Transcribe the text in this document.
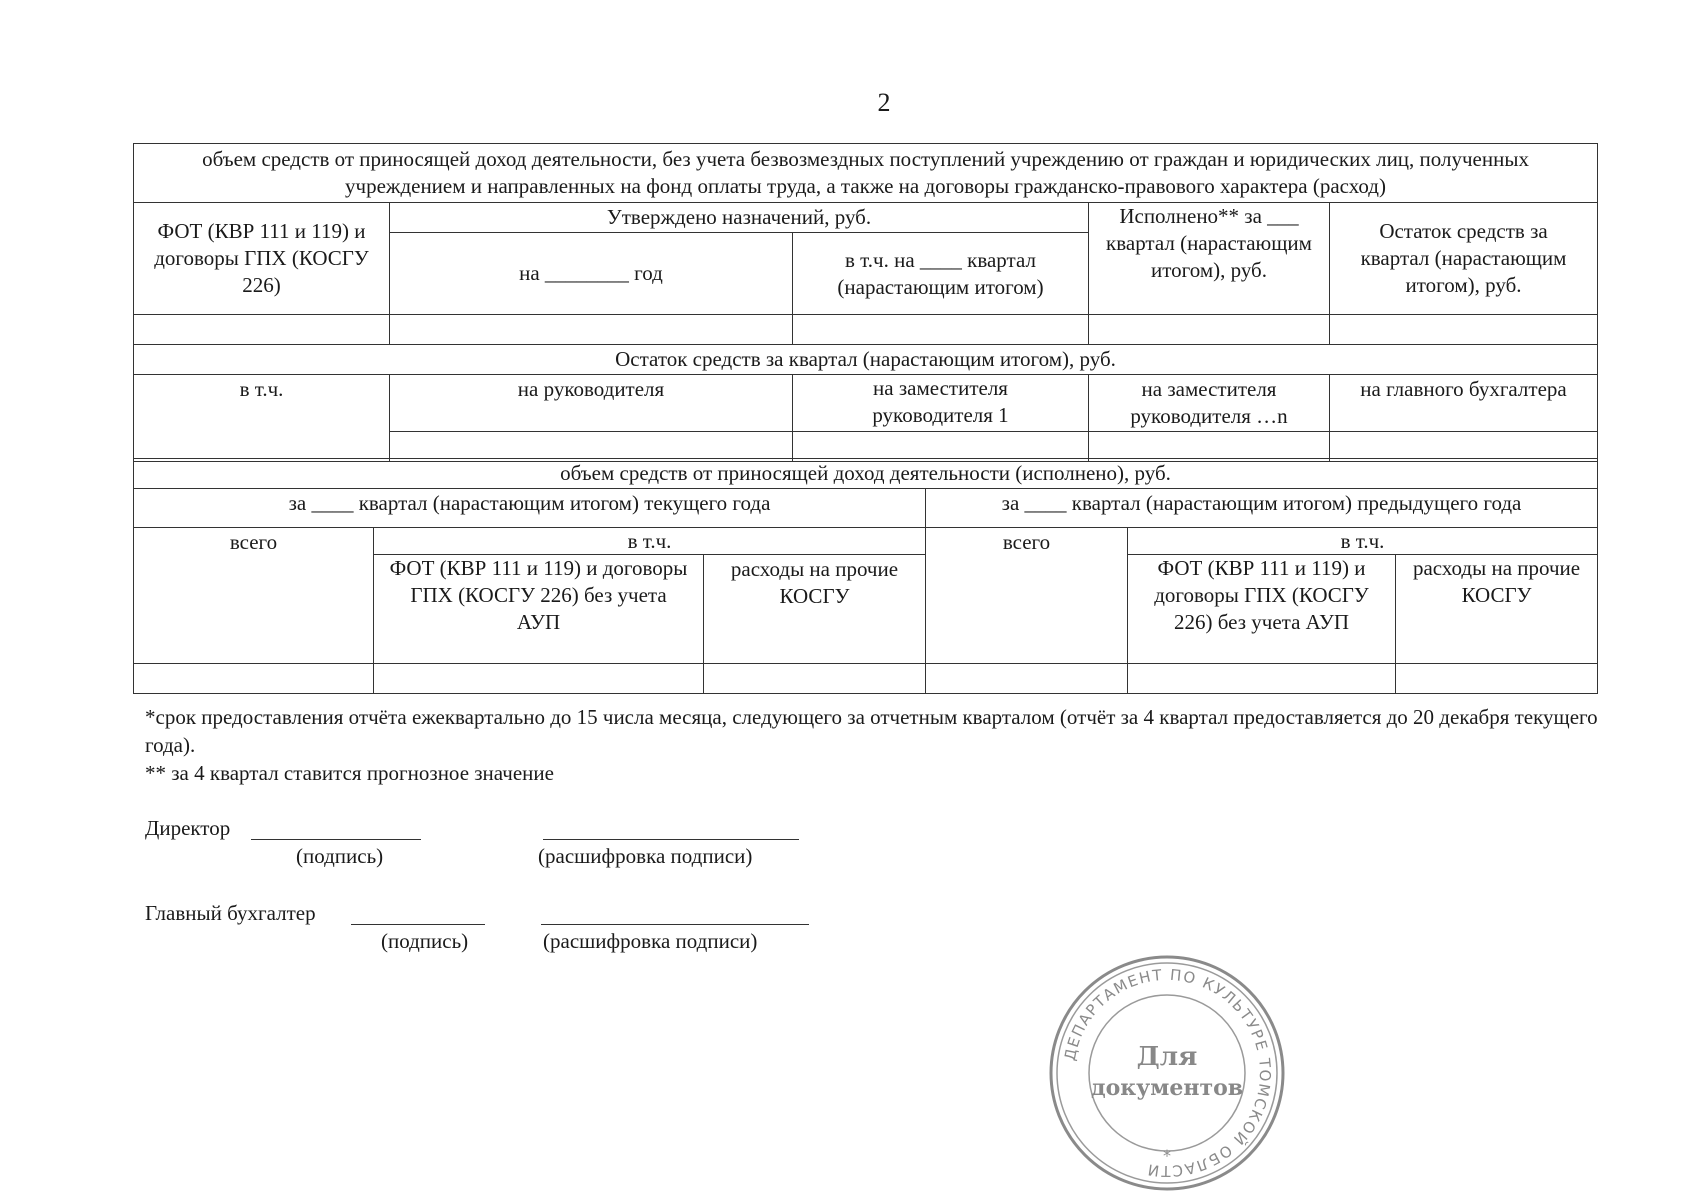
2
объем средств от приносящей доход деятельности, без учета безвозмездных поступлений учреждению от граждан и юридических лиц, полученных учреждением и направленных на фонд оплаты труда, а также на договоры гражданско-правового характера (расход)				
ФОТ (КВР 111 и 119) и договоры ГПХ (КОСГУ 226)	Утверждено назначений, руб.		Исполнено** за ___ квартал (нарастающим итогом), руб.	Остаток средств за квартал (нарастающим итогом), руб.
	на ________ год	в т.ч. на ____ квартал (нарастающим итогом)		

Остаток средств за квартал (нарастающим итогом), руб.				
в т.ч.	на руководителя	на заместителя руководителя 1	на заместителя руководителя …n	на главного бухгалтера

объем средств от приносящей доход деятельности (исполнено), руб.					
за ____ квартал (нарастающим итогом) текущего года			за ____ квартал (нарастающим итогом) предыдущего года		
всего	в т.ч.		всего	в т.ч.	
	ФОТ (КВР 111 и 119) и договоры ГПХ (КОСГУ 226) без учета АУП	расходы на прочие КОСГУ		ФОТ (КВР 111 и 119) и договоры ГПХ (КОСГУ 226) без учета АУП	расходы на прочие КОСГУ

*срок предоставления отчёта ежеквартально до 15 числа месяца, следующего за отчетным кварталом (отчёт за 4 квартал предоставляется до 20 декабря текущего года).
** за 4 квартал ставится прогнозное значение
Директор
(подпись)	(расшифровка подписи)
Главный бухгалтер
(подпись)	(расшифровка подписи)
ДЕПАРТАМЕНТ ПО КУЛЬТУРЕ ТОМСКОЙ ОБЛАСТИ
*
Для
документов
